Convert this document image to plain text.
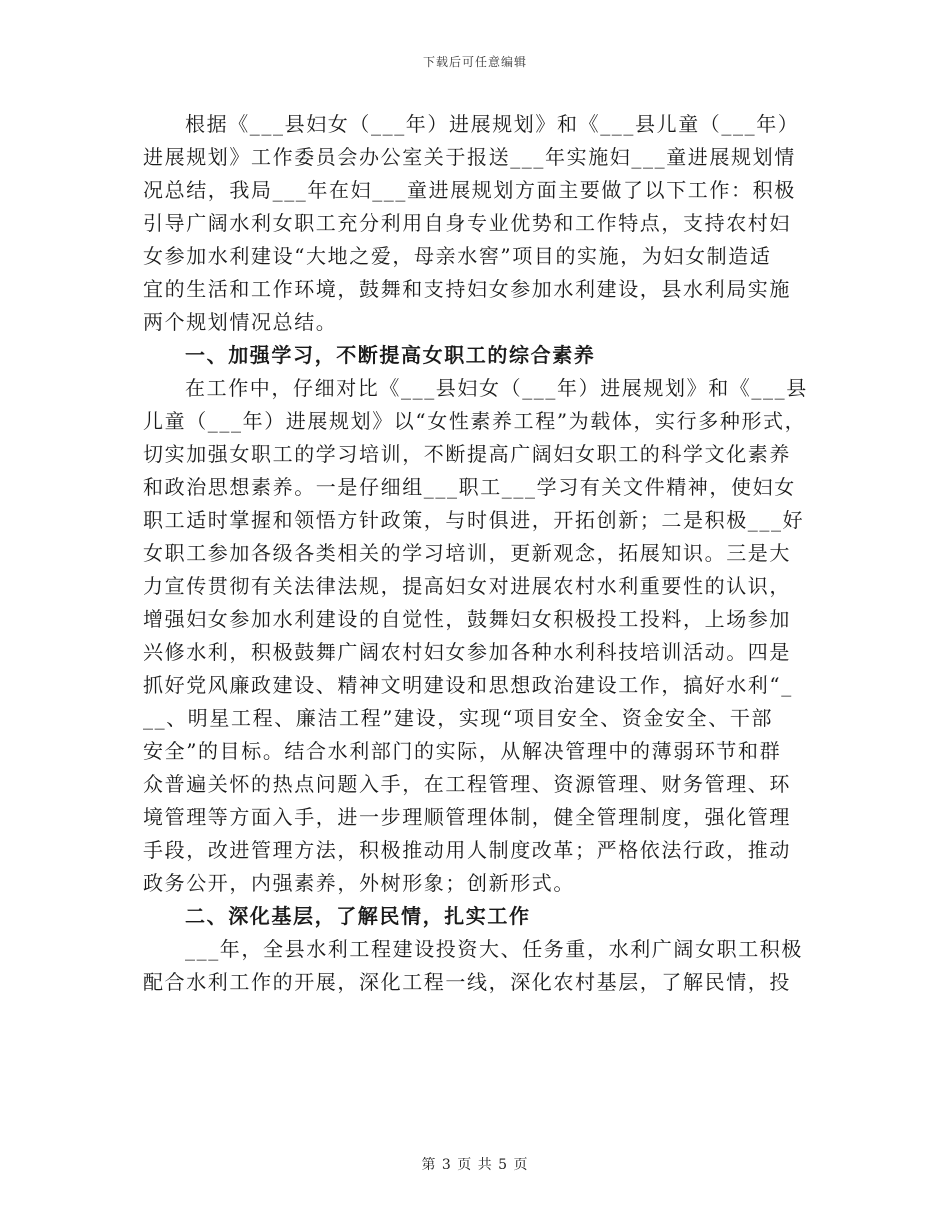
下载后可任意编辑
根据《___县妇女（___年）进展规划》和《___县儿童（___年）
进展规划》工作委员会办公室关于报送___年实施妇___童进展规划情
况总结，我局___年在妇___童进展规划方面主要做了以下工作：积极
引导广阔水利女职工充分利用自身专业优势和工作特点，支持农村妇
女参加水利建设“大地之爱，母亲水窖”项目的实施，为妇女制造适
宜的生活和工作环境，鼓舞和支持妇女参加水利建设，县水利局实施
两个规划情况总结。
一、加强学习，不断提高女职工的综合素养
在工作中，仔细对比《___县妇女（___年）进展规划》和《___县
儿童（___年）进展规划》以“女性素养工程”为载体，实行多种形式，
切实加强女职工的学习培训，不断提高广阔妇女职工的科学文化素养
和政治思想素养。一是仔细组___职工___学习有关文件精神，使妇女
职工适时掌握和领悟方针政策，与时俱进，开拓创新；二是积极___好
女职工参加各级各类相关的学习培训，更新观念，拓展知识。三是大
力宣传贯彻有关法律法规，提高妇女对进展农村水利重要性的认识，
增强妇女参加水利建设的自觉性，鼓舞妇女积极投工投料，上场参加
兴修水利，积极鼓舞广阔农村妇女参加各种水利科技培训活动。四是
抓好党风廉政建设、精神文明建设和思想政治建设工作，搞好水利“_
__、明星工程、廉洁工程”建设，实现“项目安全、资金安全、干部
安全”的目标。结合水利部门的实际，从解决管理中的薄弱环节和群
众普遍关怀的热点问题入手，在工程管理、资源管理、财务管理、环
境管理等方面入手，进一步理顺管理体制，健全管理制度，强化管理
手段，改进管理方法，积极推动用人制度改革；严格依法行政，推动
政务公开，内强素养，外树形象；创新形式。
二、深化基层，了解民情，扎实工作
___年，全县水利工程建设投资大、任务重，水利广阔女职工积极
配合水利工作的开展，深化工程一线，深化农村基层，了解民情，投
第 3 页 共 5 页
